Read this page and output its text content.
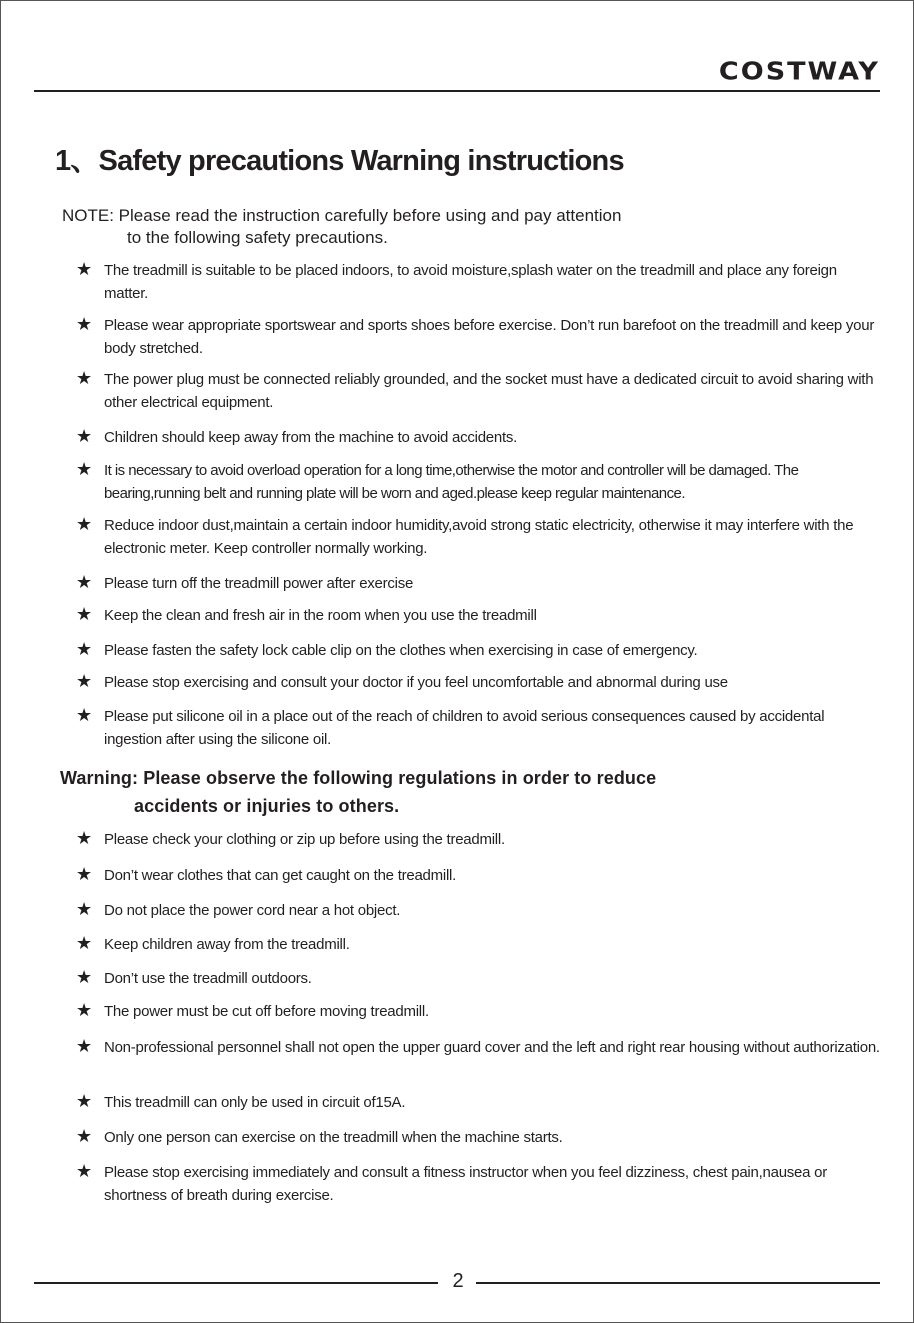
COSTWAY
1、Safety precautions Warning instructions
NOTE: Please read the instruction carefully before using and pay attention
to the following safety precautions.
★ The treadmill is suitable to be placed indoors, to avoid moisture,splash water on the treadmill and place any foreign matter.
★ Please wear appropriate sportswear and sports shoes before exercise. Don’t run barefoot on the treadmill and keep your body stretched.
★ The power plug must be connected reliably grounded, and the socket must have a dedicated circuit to avoid sharing with other electrical equipment.
★ Children should keep away from the machine to avoid accidents.
★ It is necessary to avoid overload operation for a long time,otherwise the motor and controller will be damaged. The bearing,running belt and running plate will be worn and aged.please keep regular maintenance.
★ Reduce indoor dust,maintain a certain indoor humidity,avoid strong static electricity, otherwise it may interfere with the electronic meter. Keep controller normally working.
★ Please turn off the treadmill power after exercise
★ Keep the clean and fresh air in the room when you use the treadmill
★ Please fasten the safety lock cable clip on the clothes when exercising in case of emergency.
★ Please stop exercising and consult your doctor if you feel uncomfortable and abnormal during use
★ Please put silicone oil in a place out of the reach of children to avoid serious consequences caused by accidental ingestion after using the silicone oil.
Warning: Please observe the following regulations in order to reduce
accidents or injuries to others.
★ Please check your clothing or zip up before using the treadmill.
★ Don’t wear clothes that can get caught on the treadmill.
★ Do not place the power cord near a hot object.
★ Keep children away from the treadmill.
★ Don’t use the treadmill outdoors.
★ The power must be cut off before moving treadmill.
★ Non-professional personnel shall not open the upper guard cover and the left and right rear housing without authorization.
★ This treadmill can only be used in circuit of15A.
★ Only one person can exercise on the treadmill when the machine starts.
★ Please stop exercising immediately and consult a fitness instructor when you feel dizziness, chest pain,nausea or shortness of breath during exercise.
2
